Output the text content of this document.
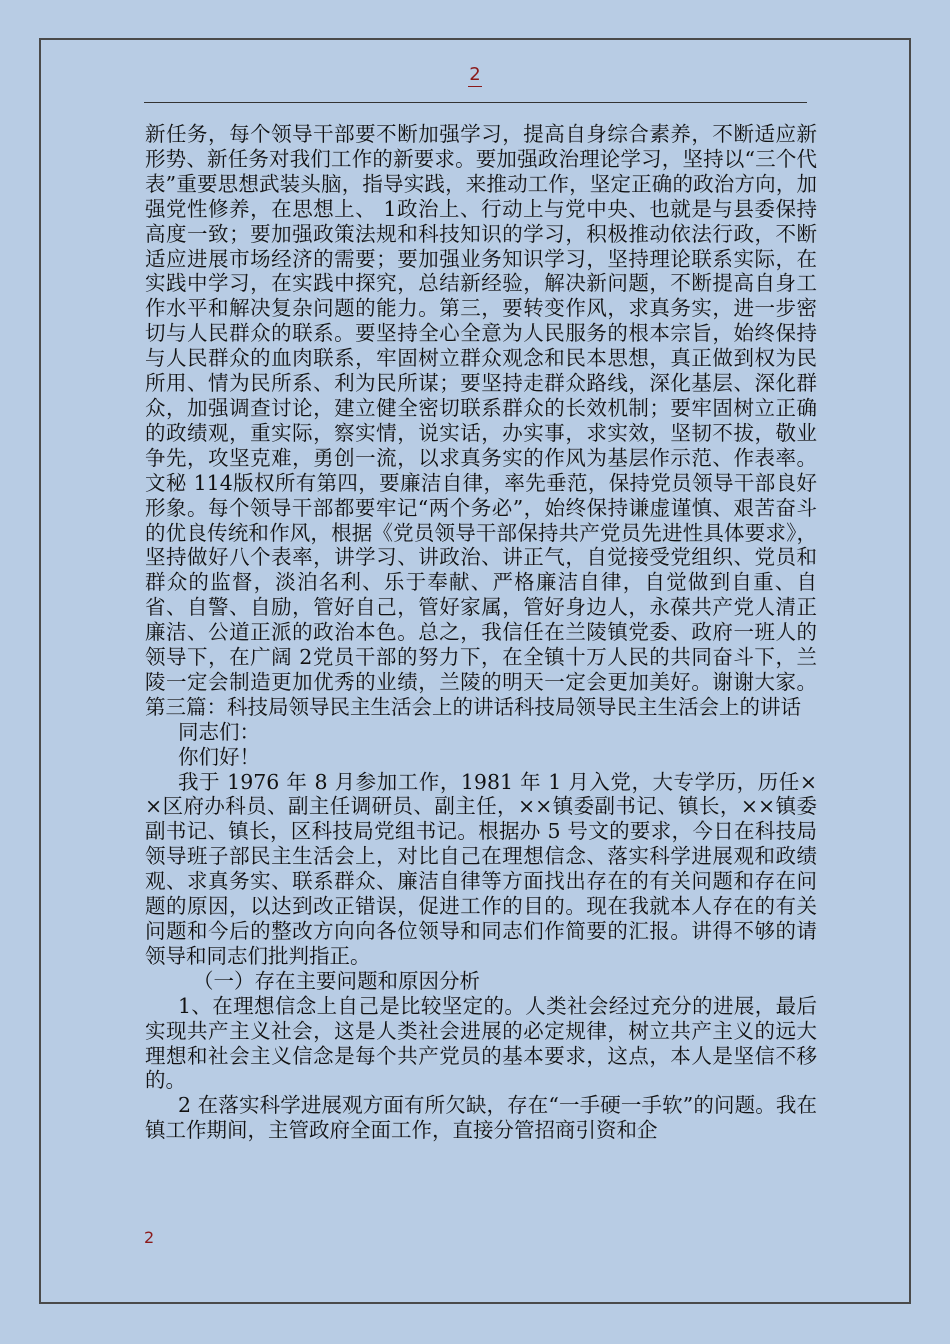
2

新任务，每个领导干部要不断加强学习，提高自身综合素养，不断适应新形势、新任务对我们工作的新要求。要加强政治理论学习，坚持以“三个代表”重要思想武装头脑，指导实践，来推动工作，坚定正确的政治方向，加强党性修养，在思想上、 1政治上、行动上与党中央、也就是与县委保持高度一致；要加强政策法规和科技知识的学习，积极推动依法行政，不断适应进展市场经济的需要；要加强业务知识学习，坚持理论联系实际，在实践中学习，在实践中探究，总结新经验，解决新问题，不断提高自身工作水平和解决复杂问题的能力。第三，要转变作风，求真务实，进一步密切与人民群众的联系。要坚持全心全意为人民服务的根本宗旨，始终保持与人民群众的血肉联系，牢固树立群众观念和民本思想，真正做到权为民所用、情为民所系、利为民所谋；要坚持走群众路线，深化基层、深化群众，加强调查讨论，建立健全密切联系群众的长效机制；要牢固树立正确的政绩观，重实际，察实情，说实话，办实事，求实效，坚韧不拔，敬业争先，攻坚克难，勇创一流，以求真务实的作风为基层作示范、作表率。文秘 114版权所有第四，要廉洁自律，率先垂范，保持党员领导干部良好形象。每个领导干部都要牢记“两个务必”，始终保持谦虚谨慎、艰苦奋斗的优良传统和作风，根据《党员领导干部保持共产党员先进性具体要求》，坚持做好八个表率，讲学习、讲政治、讲正气，自觉接受党组织、党员和群众的监督，淡泊名利、乐于奉献、严格廉洁自律，自觉做到自重、自省、自警、自励，管好自己，管好家属，管好身边人，永葆共产党人清正廉洁、公道正派的政治本色。总之，我信任在兰陵镇党委、政府一班人的领导下，在广阔 2党员干部的努力下，在全镇十万人民的共同奋斗下，兰陵一定会制造更加优秀的业绩，兰陵的明天一定会更加美好。谢谢大家。第三篇：科技局领导民主生活会上的讲话科技局领导民主生活会上的讲话

同志们：

你们好！

我于 1976 年 8 月参加工作，1981 年 1 月入党，大专学历，历任××区府办科员、副主任调研员、副主任，××镇委副书记、镇长，××镇委副书记、镇长，区科技局党组书记。根据办 5 号文的要求，今日在科技局领导班子部民主生活会上，对比自己在理想信念、落实科学进展观和政绩观、求真务实、联系群众、廉洁自律等方面找出存在的有关问题和存在问题的原因，以达到改正错误，促进工作的目的。现在我就本人存在的有关问题和今后的整改方向向各位领导和同志们作简要的汇报。讲得不够的请领导和同志们批判指正。

（一）存在主要问题和原因分析

1、在理想信念上自己是比较坚定的。人类社会经过充分的进展，最后实现共产主义社会，这是人类社会进展的必定规律，树立共产主义的远大理想和社会主义信念是每个共产党员的基本要求，这点，本人是坚信不移的。

2 在落实科学进展观方面有所欠缺，存在“一手硬一手软”的问题。我在镇工作期间，主管政府全面工作，直接分管招商引资和企

2
